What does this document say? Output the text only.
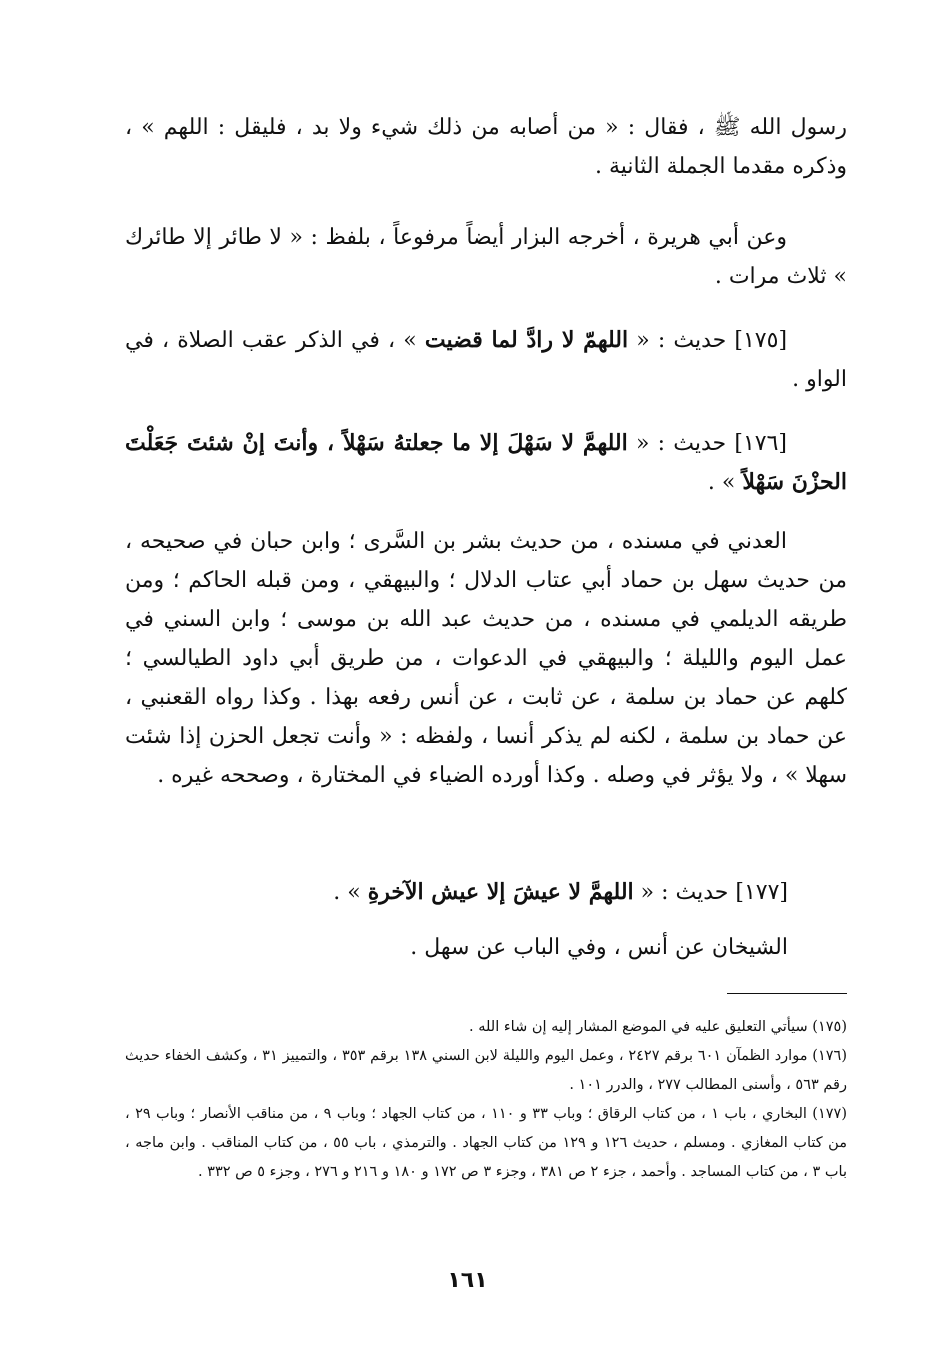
رسول الله ﷺ ، فقال : « من أصابه من ذلك شيء ولا بد ، فليقل : اللهم » ، وذكره مقدما الجملة الثانية .

وعن أبي هريرة ، أخرجه البزار أيضاً مرفوعاً ، بلفظ : « لا طائر إلا طائرك » ثلاث مرات .

[١٧٥] حديث : « اللهمّ لا رادَّ لما قضيت » ، في الذكر عقب الصلاة ، في الواو .

[١٧٦] حديث : « اللهمَّ لا سَهْلَ إلا ما جعلتهُ سَهْلاً ، وأنتَ إنْ شئتَ جَعَلْتَ الحزْنَ سَهْلاً » .

العدني في مسنده ، من حديث بشر بن السَّرى ؛ وابن حبان في صحيحه ، من حديث سهل بن حماد أبي عتاب الدلال ؛ والبيهقي ، ومن قبله الحاكم ؛ ومن طريقه الديلمي في مسنده ، من حديث عبد الله بن موسى ؛ وابن السني في عمل اليوم والليلة ؛ والبيهقي في الدعوات ، من طريق أبي داود الطيالسي ؛ كلهم عن حماد بن سلمة ، عن ثابت ، عن أنس رفعه بهذا . وكذا رواه القعنبي ، عن حماد بن سلمة ، لكنه لم يذكر أنسا ، ولفظه : « وأنت تجعل الحزن إذا شئت سهلا » ، ولا يؤثر في وصله . وكذا أورده الضياء في المختارة ، وصححه غيره .

[١٧٧] حديث : « اللهمَّ لا عيشَ إلا عيش الآخرةِ » .

الشيخان عن أنس ، وفي الباب عن سهل .

(١٧٥) سيأتي التعليق عليه في الموضع المشار إليه إن شاء الله .

(١٧٦) موارد الظمآن ٦٠١ برقم ٢٤٢٧ ، وعمل اليوم والليلة لابن السني ١٣٨ برقم ٣٥٣ ، والتمييز ٣١ ، وكشف الخفاء حديث رقم ٥٦٣ ، وأسنى المطالب ٢٧٧ ، والدرر ١٠١ .

(١٧٧) البخاري ، باب ١ ، من كتاب الرقاق ؛ وباب ٣٣ و ١١٠ ، من كتاب الجهاد ؛ وباب ٩ ، من مناقب الأنصار ؛ وباب ٢٩ ، من كتاب المغازي . ومسلم ، حديث ١٢٦ و ١٢٩ من كتاب الجهاد . والترمذي ، باب ٥٥ ، من كتاب المناقب . وابن ماجه ، باب ٣ ، من كتاب المساجد . وأحمد ، جزء ٢ ص ٣٨١ ، وجزء ٣ ص ١٧٢ و ١٨٠ و ٢١٦ و ٢٧٦ ، وجزء ٥ ص ٣٣٢ .

١٦١
